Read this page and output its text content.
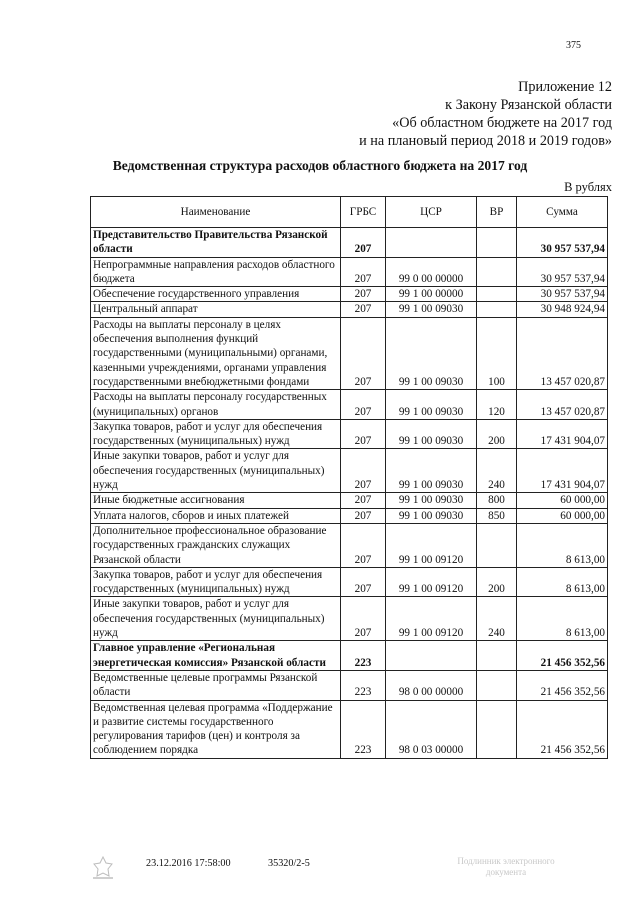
375
Приложение 12
к Закону Рязанской области
«Об областном бюджете на 2017 год
и на плановый период 2018 и 2019 годов»
Ведомственная структура расходов областного бюджета на 2017 год
В рублях
Наименование	ГРБС	ЦСР	ВР	Сумма
Представительство Правительства Рязанской области	207			30 957 537,94
Непрограммные направления расходов областного бюджета	207	99 0 00 00000		30 957 537,94
Обеспечение государственного управления	207	99 1 00 00000		30 957 537,94
Центральный аппарат	207	99 1 00 09030		30 948 924,94
Расходы на выплаты персоналу в целях обеспечения выполнения функций государственными (муниципальными) органами, казенными учреждениями, органами управления государственными внебюджетными фондами	207	99 1 00 09030	100	13 457 020,87
Расходы на выплаты персоналу государственных (муниципальных) органов	207	99 1 00 09030	120	13 457 020,87
Закупка товаров, работ и услуг для обеспечения государственных (муниципальных) нужд	207	99 1 00 09030	200	17 431 904,07
Иные закупки товаров, работ и услуг для обеспечения государственных (муниципальных) нужд	207	99 1 00 09030	240	17 431 904,07
Иные бюджетные ассигнования	207	99 1 00 09030	800	60 000,00
Уплата налогов, сборов и иных платежей	207	99 1 00 09030	850	60 000,00
Дополнительное профессиональное образование государственных гражданских служащих Рязанской области	207	99 1 00 09120		8 613,00
Закупка товаров, работ и услуг для обеспечения государственных (муниципальных) нужд	207	99 1 00 09120	200	8 613,00
Иные закупки товаров, работ и услуг для обеспечения государственных (муниципальных) нужд	207	99 1 00 09120	240	8 613,00
Главное управление «Региональная энергетическая комиссия» Рязанской области	223			21 456 352,56
Ведомственные целевые программы Рязанской области	223	98 0 00 00000		21 456 352,56
Ведомственная целевая программа «Поддержание и развитие системы государственного регулирования тарифов (цен) и контроля за соблюдением порядка	223	98 0 03 00000		21 456 352,56
23.12.2016 17:58:00	35320/2-5	Подлинник электронного документа
